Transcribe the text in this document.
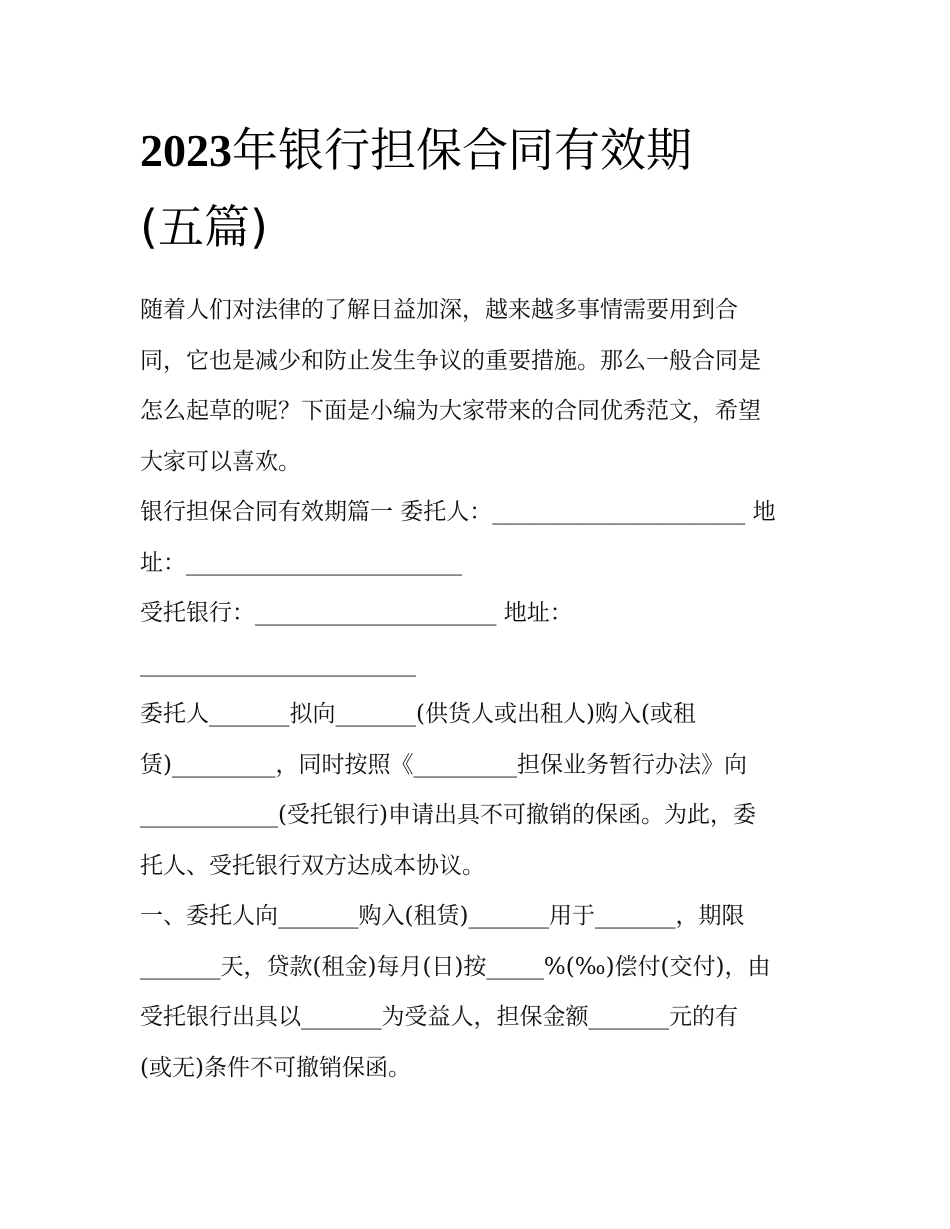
2023年银行担保合同有效期
(五篇)

随着人们对法律的了解日益加深，越来越多事情需要用到合
同，它也是减少和防止发生争议的重要措施。那么一般合同是
怎么起草的呢？下面是小编为大家带来的合同优秀范文，希望
大家可以喜欢。

银行担保合同有效期篇一 委托人：______________________ 地
址：________________________
受托银行：_____________________ 地址：
________________________

委托人_______拟向_______(供货人或出租人)购入(或租
赁)_________，同时按照《_________担保业务暂行办法》向
____________(受托银行)申请出具不可撤销的保函。为此，委
托人、受托银行双方达成本协议。

一、委托人向_______购入(租赁)_______用于_______，期限
_______天，贷款(租金)每月(日)按_____%(‰)偿付(交付)，由
受托银行出具以_______为受益人，担保金额_______元的有
(或无)条件不可撤销保函。
